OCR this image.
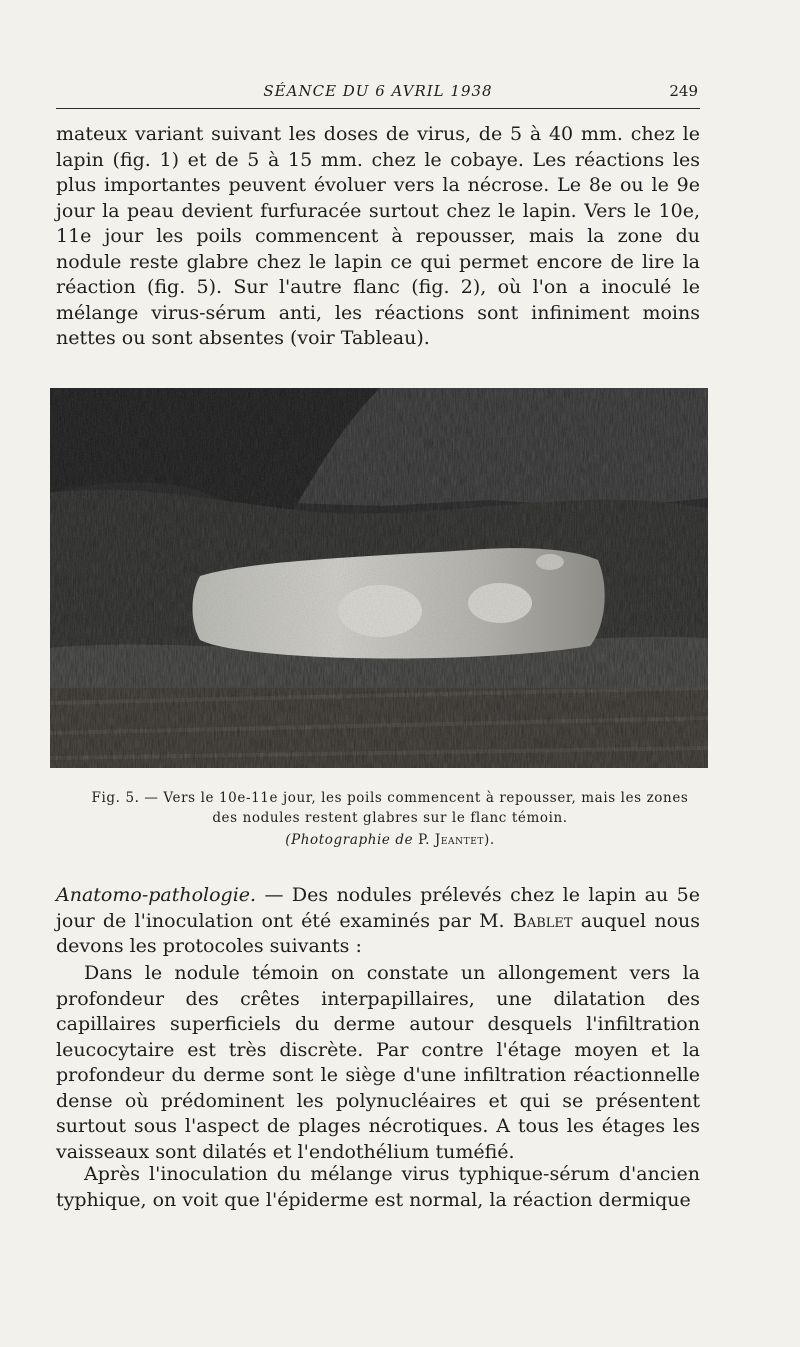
SÉANCE DU 6 AVRIL 1938	249

mateux variant suivant les doses de virus, de 5 à 40 mm. chez le lapin (fig. 1) et de 5 à 15 mm. chez le cobaye. Les réactions les plus importantes peuvent évoluer vers la nécrose. Le 8e ou le 9e jour la peau devient furfuracée surtout chez le lapin. Vers le 10e, 11e jour les poils commencent à repousser, mais la zone du nodule reste glabre chez le lapin ce qui permet encore de lire la réaction (fig. 5). Sur l'autre flanc (fig. 2), où l'on a inoculé le mélange virus-sérum anti, les réactions sont infiniment moins nettes ou sont absentes (voir Tableau).

Fig. 5. — Vers le 10e-11e jour, les poils commencent à repousser, mais les zones des nodules restent glabres sur le flanc témoin.

(Photographie de P. Jeantet).

Anatomo-pathologie. — Des nodules prélevés chez le lapin au 5e jour de l'inoculation ont été examinés par M. Bablet auquel nous devons les protocoles suivants :

Dans le nodule témoin on constate un allongement vers la profondeur des crêtes interpapillaires, une dilatation des capillaires superficiels du derme autour desquels l'infiltration leucocytaire est très discrète. Par contre l'étage moyen et la profondeur du derme sont le siège d'une infiltration réactionnelle dense où prédominent les polynucléaires et qui se présentent surtout sous l'aspect de plages nécrotiques. A tous les étages les vaisseaux sont dilatés et l'endothélium tuméfié.

Après l'inoculation du mélange virus typhique-sérum d'ancien typhique, on voit que l'épiderme est normal, la réaction dermique
